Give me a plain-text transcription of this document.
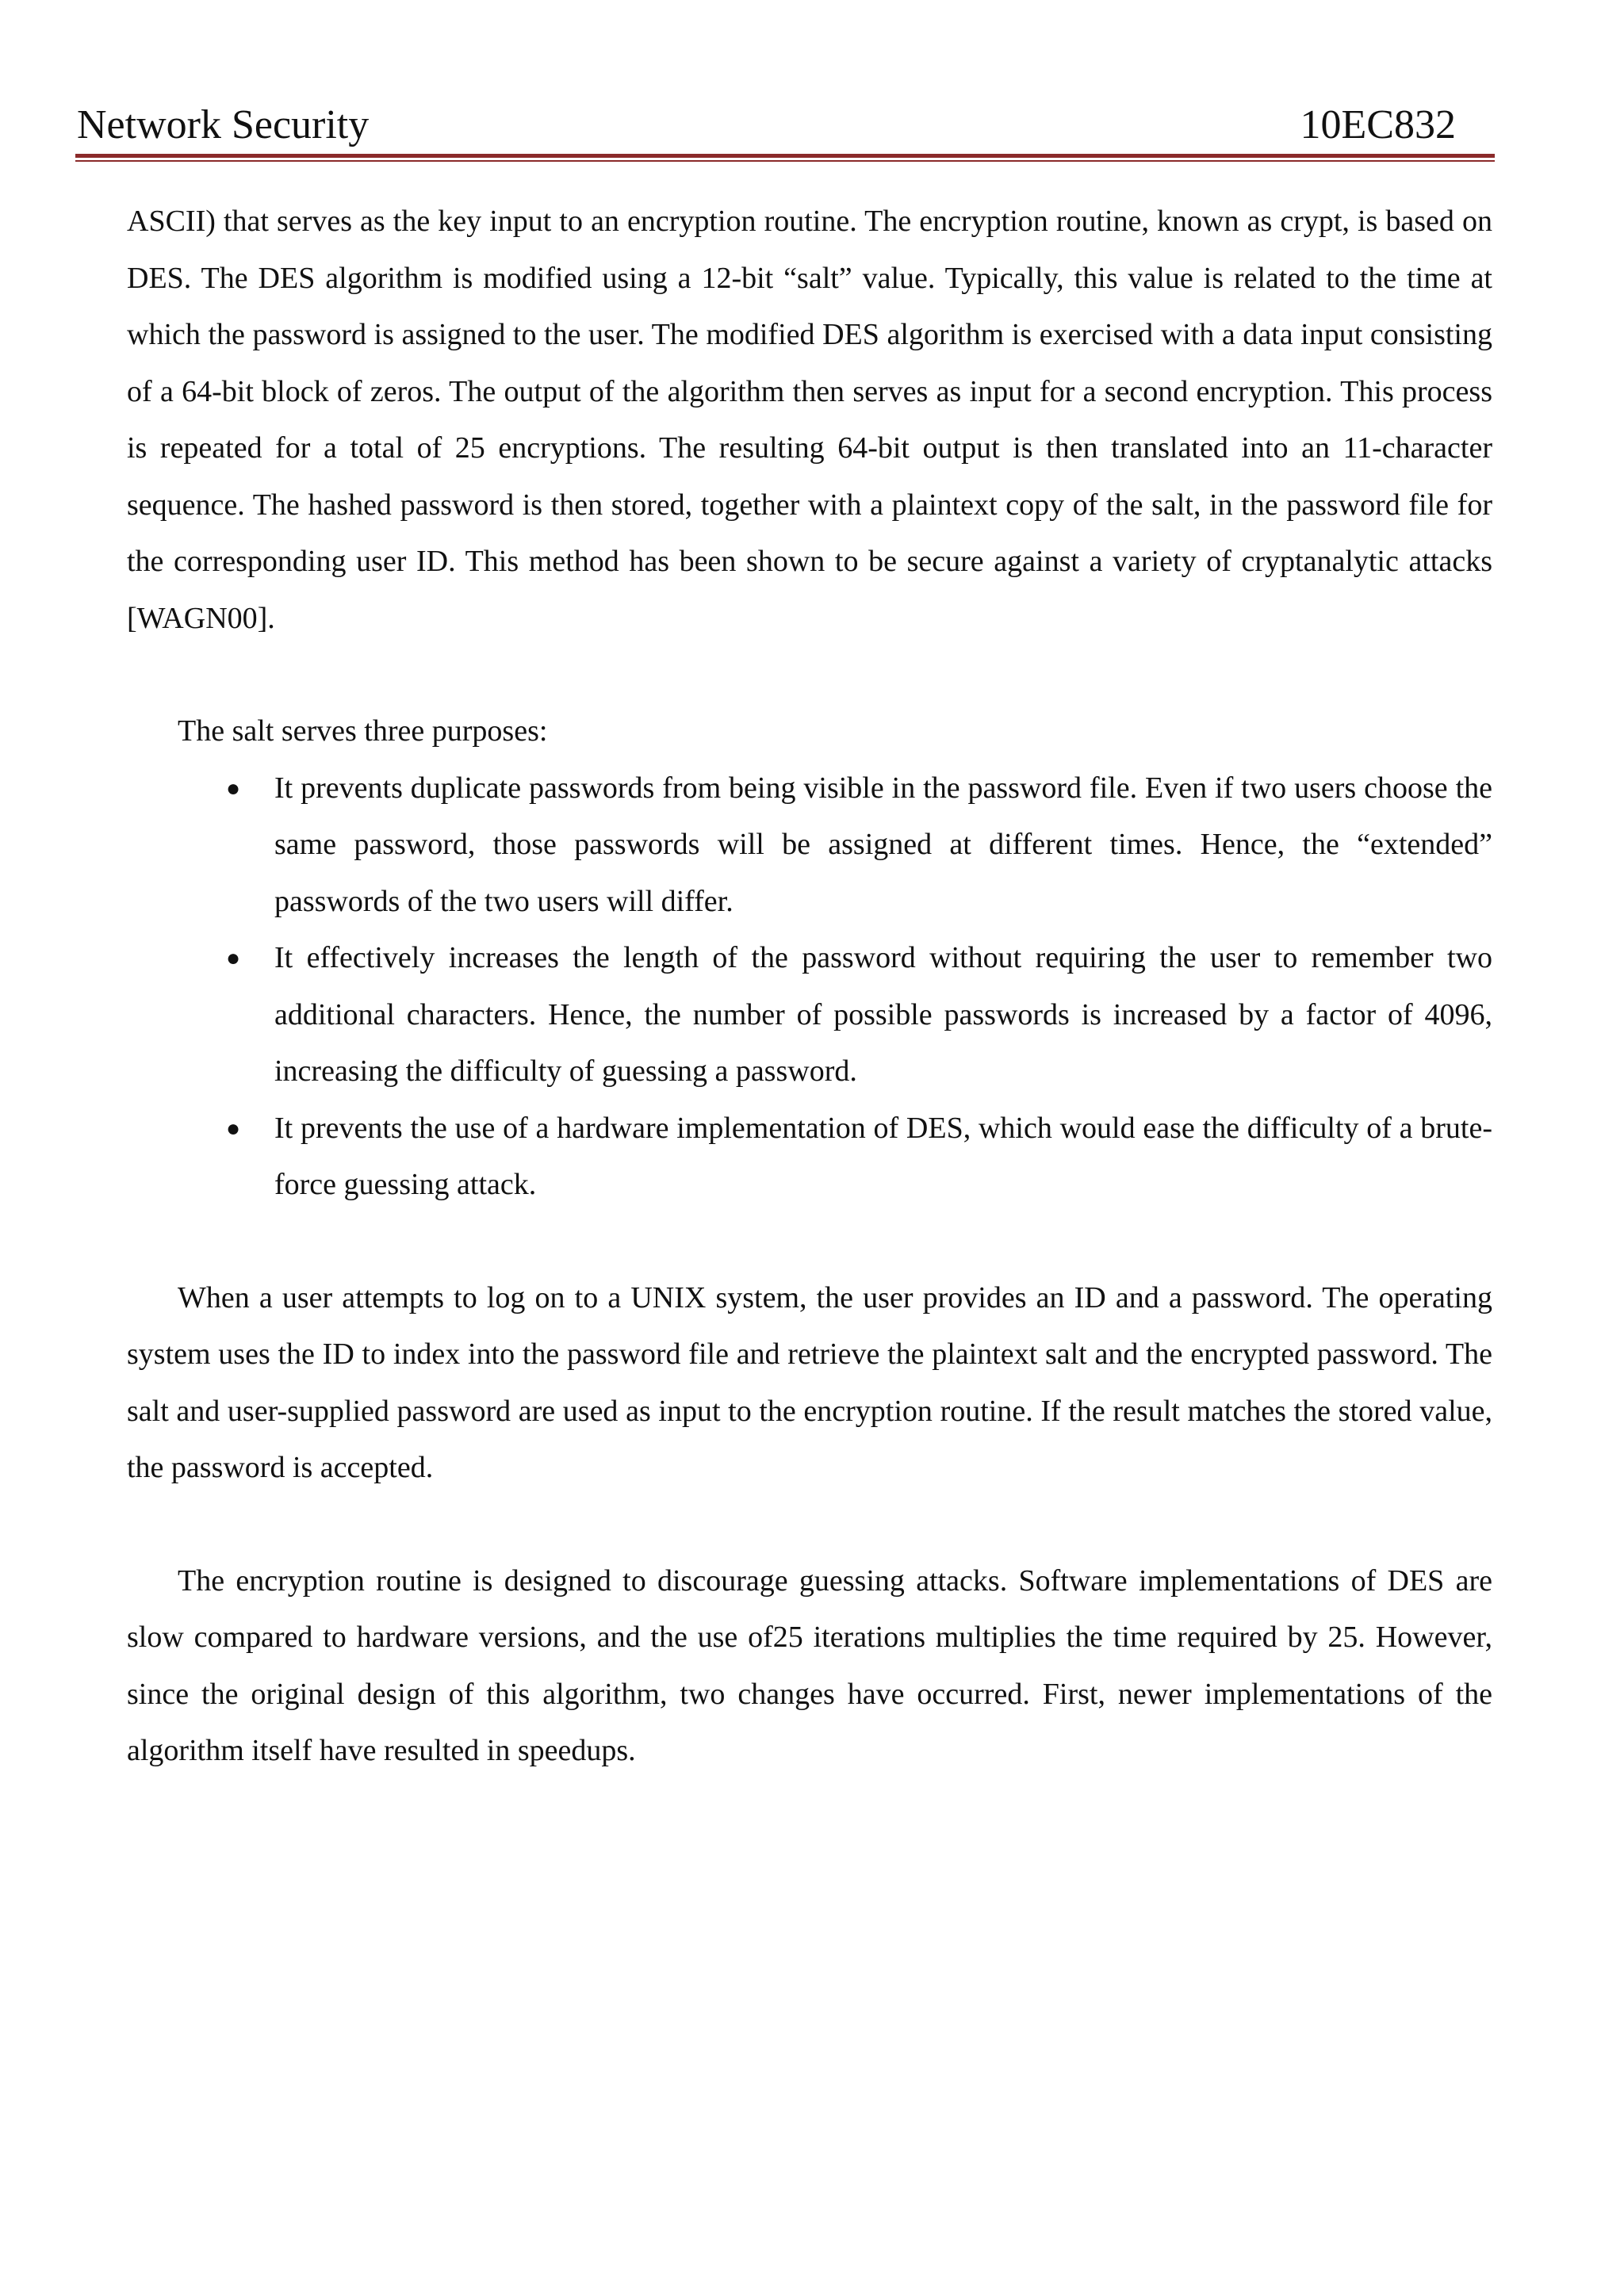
Network Security	10EC832

ASCII) that serves as the key input to an encryption routine. The encryption routine, known as crypt, is based on DES. The DES algorithm is modified using a 12-bit “salt” value. Typically, this value is related to the time at which the password is assigned to the user. The modified DES algorithm is exercised with a data input consisting of a 64-bit block of zeros. The output of the algorithm then serves as input for a second encryption. This process is repeated for a total of 25 encryptions. The resulting 64-bit output is then translated into an 11-character sequence. The hashed password is then stored, together with a plaintext copy of the salt, in the password file for the corresponding user ID. This method has been shown to be secure against a variety of cryptanalytic attacks [WAGN00].

The salt serves three purposes:

● It prevents duplicate passwords from being visible in the password file. Even if two users choose the same password, those passwords will be assigned at different times. Hence, the “extended” passwords of the two users will differ.
● It effectively increases the length of the password without requiring the user to remember two additional characters. Hence, the number of possible passwords is increased by a factor of 4096, increasing the difficulty of guessing a password.
● It prevents the use of a hardware implementation of DES, which would ease the difficulty of a brute-force guessing attack.

When a user attempts to log on to a UNIX system, the user provides an ID and a password. The operating system uses the ID to index into the password file and retrieve the plaintext salt and the encrypted password. The salt and user-supplied password are used as input to the encryption routine. If the result matches the stored value, the password is accepted.

The encryption routine is designed to discourage guessing attacks. Software implementations of DES are slow compared to hardware versions, and the use of25 iterations multiplies the time required by 25. However, since the original design of this algorithm, two changes have occurred. First, newer implementations of the algorithm itself have resulted in speedups.
